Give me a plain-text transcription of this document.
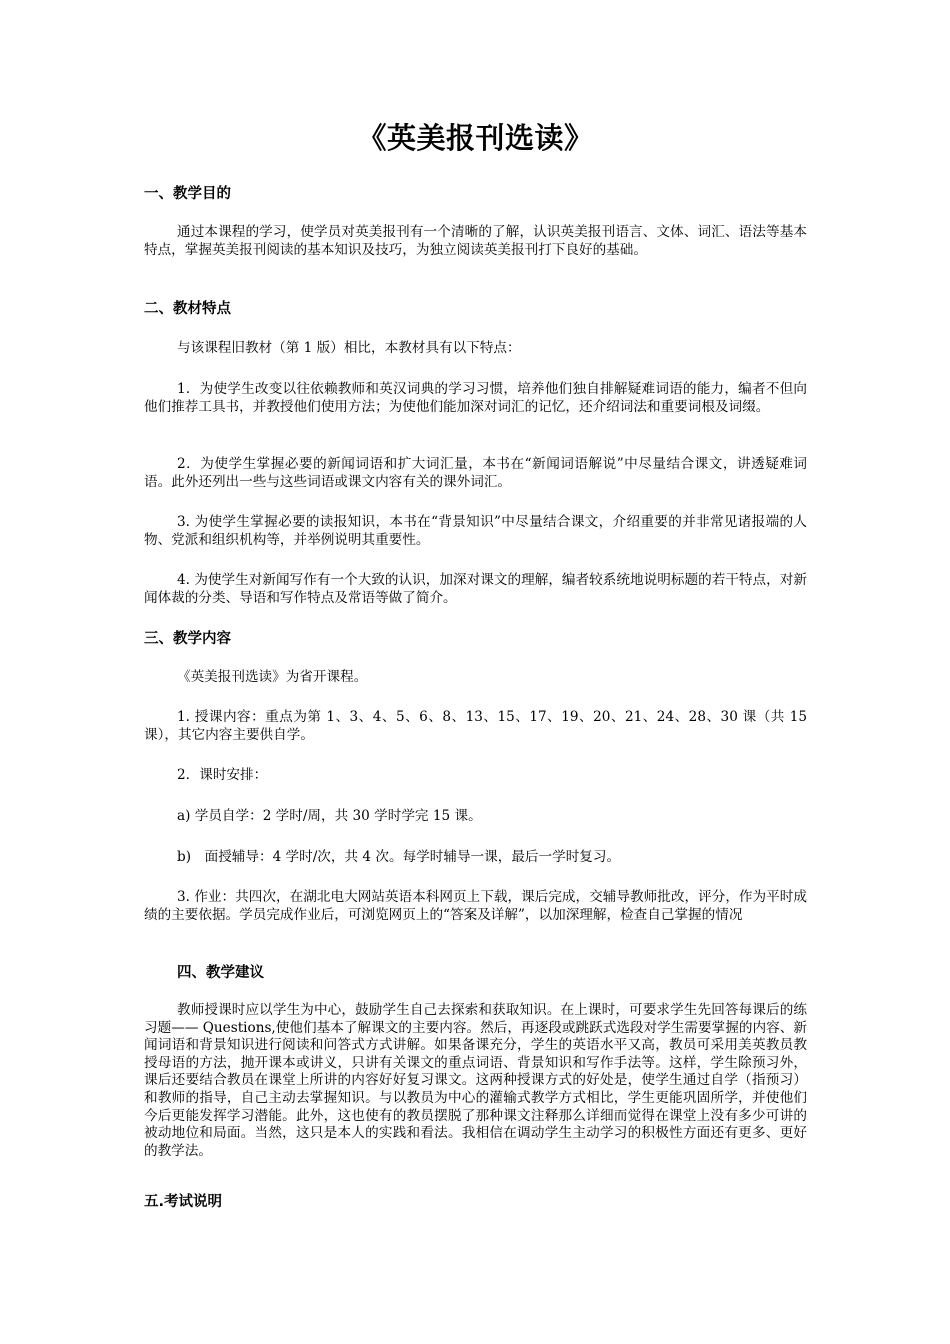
《英美报刊选读》
一、教学目的
通过本课程的学习，使学员对英美报刊有一个清晰的了解，认识英美报刊语言、文体、词汇、语法等基本特点，掌握英美报刊阅读的基本知识及技巧，为独立阅读英美报刊打下良好的基础。
二、教材特点
与该课程旧教材（第 1 版）相比，本教材具有以下特点：
1．为使学生改变以往依赖教师和英汉词典的学习习惯，培养他们独自排解疑难词语的能力，编者不但向他们推荐工具书，并教授他们使用方法；为使他们能加深对词汇的记忆，还介绍词法和重要词根及词缀。
2．为使学生掌握必要的新闻词语和扩大词汇量，本书在“新闻词语解说”中尽量结合课文，讲透疑难词语。此外还列出一些与这些词语或课文内容有关的课外词汇。
3. 为使学生掌握必要的读报知识，本书在“背景知识”中尽量结合课文，介绍重要的并非常见诸报端的人物、党派和组织机构等，并举例说明其重要性。
4. 为使学生对新闻写作有一个大致的认识，加深对课文的理解，编者较系统地说明标题的若干特点，对新闻体裁的分类、导语和写作特点及常语等做了简介。
三、教学内容
《英美报刊选读》为省开课程。
1. 授课内容：重点为第 1、3、4、5、6、8、13、15、17、19、20、21、24、28、30 课（共 15 课），其它内容主要供自学。
2．课时安排：
a) 学员自学：2 学时/周，共 30 学时学完 15 课。
b)　面授辅导：4 学时/次，共 4 次。每学时辅导一课，最后一学时复习。
3. 作业：共四次，在湖北电大网站英语本科网页上下载，课后完成，交辅导教师批改，评分，作为平时成绩的主要依据。学员完成作业后，可浏览网页上的“答案及详解”，以加深理解，检查自己掌握的情况
四、教学建议
教师授课时应以学生为中心，鼓励学生自己去探索和获取知识。在上课时，可要求学生先回答每课后的练习题—— Questions,使他们基本了解课文的主要内容。然后，再逐段或跳跃式选段对学生需要掌握的内容、新闻词语和背景知识进行阅读和问答式方式讲解。如果备课充分，学生的英语水平又高，教员可采用美英教员教授母语的方法，抛开课本或讲义，只讲有关课文的重点词语、背景知识和写作手法等。这样，学生除预习外，课后还要结合教员在课堂上所讲的内容好好复习课文。这两种授课方式的好处是，使学生通过自学（指预习）和教师的指导，自己主动去掌握知识。与以教员为中心的灌输式教学方式相比，学生更能巩固所学，并使他们今后更能发挥学习潜能。此外，这也使有的教员摆脱了那种课文注释那么详细而觉得在课堂上没有多少可讲的被动地位和局面。当然，这只是本人的实践和看法。我相信在调动学生主动学习的积极性方面还有更多、更好的教学法。
五.考试说明
